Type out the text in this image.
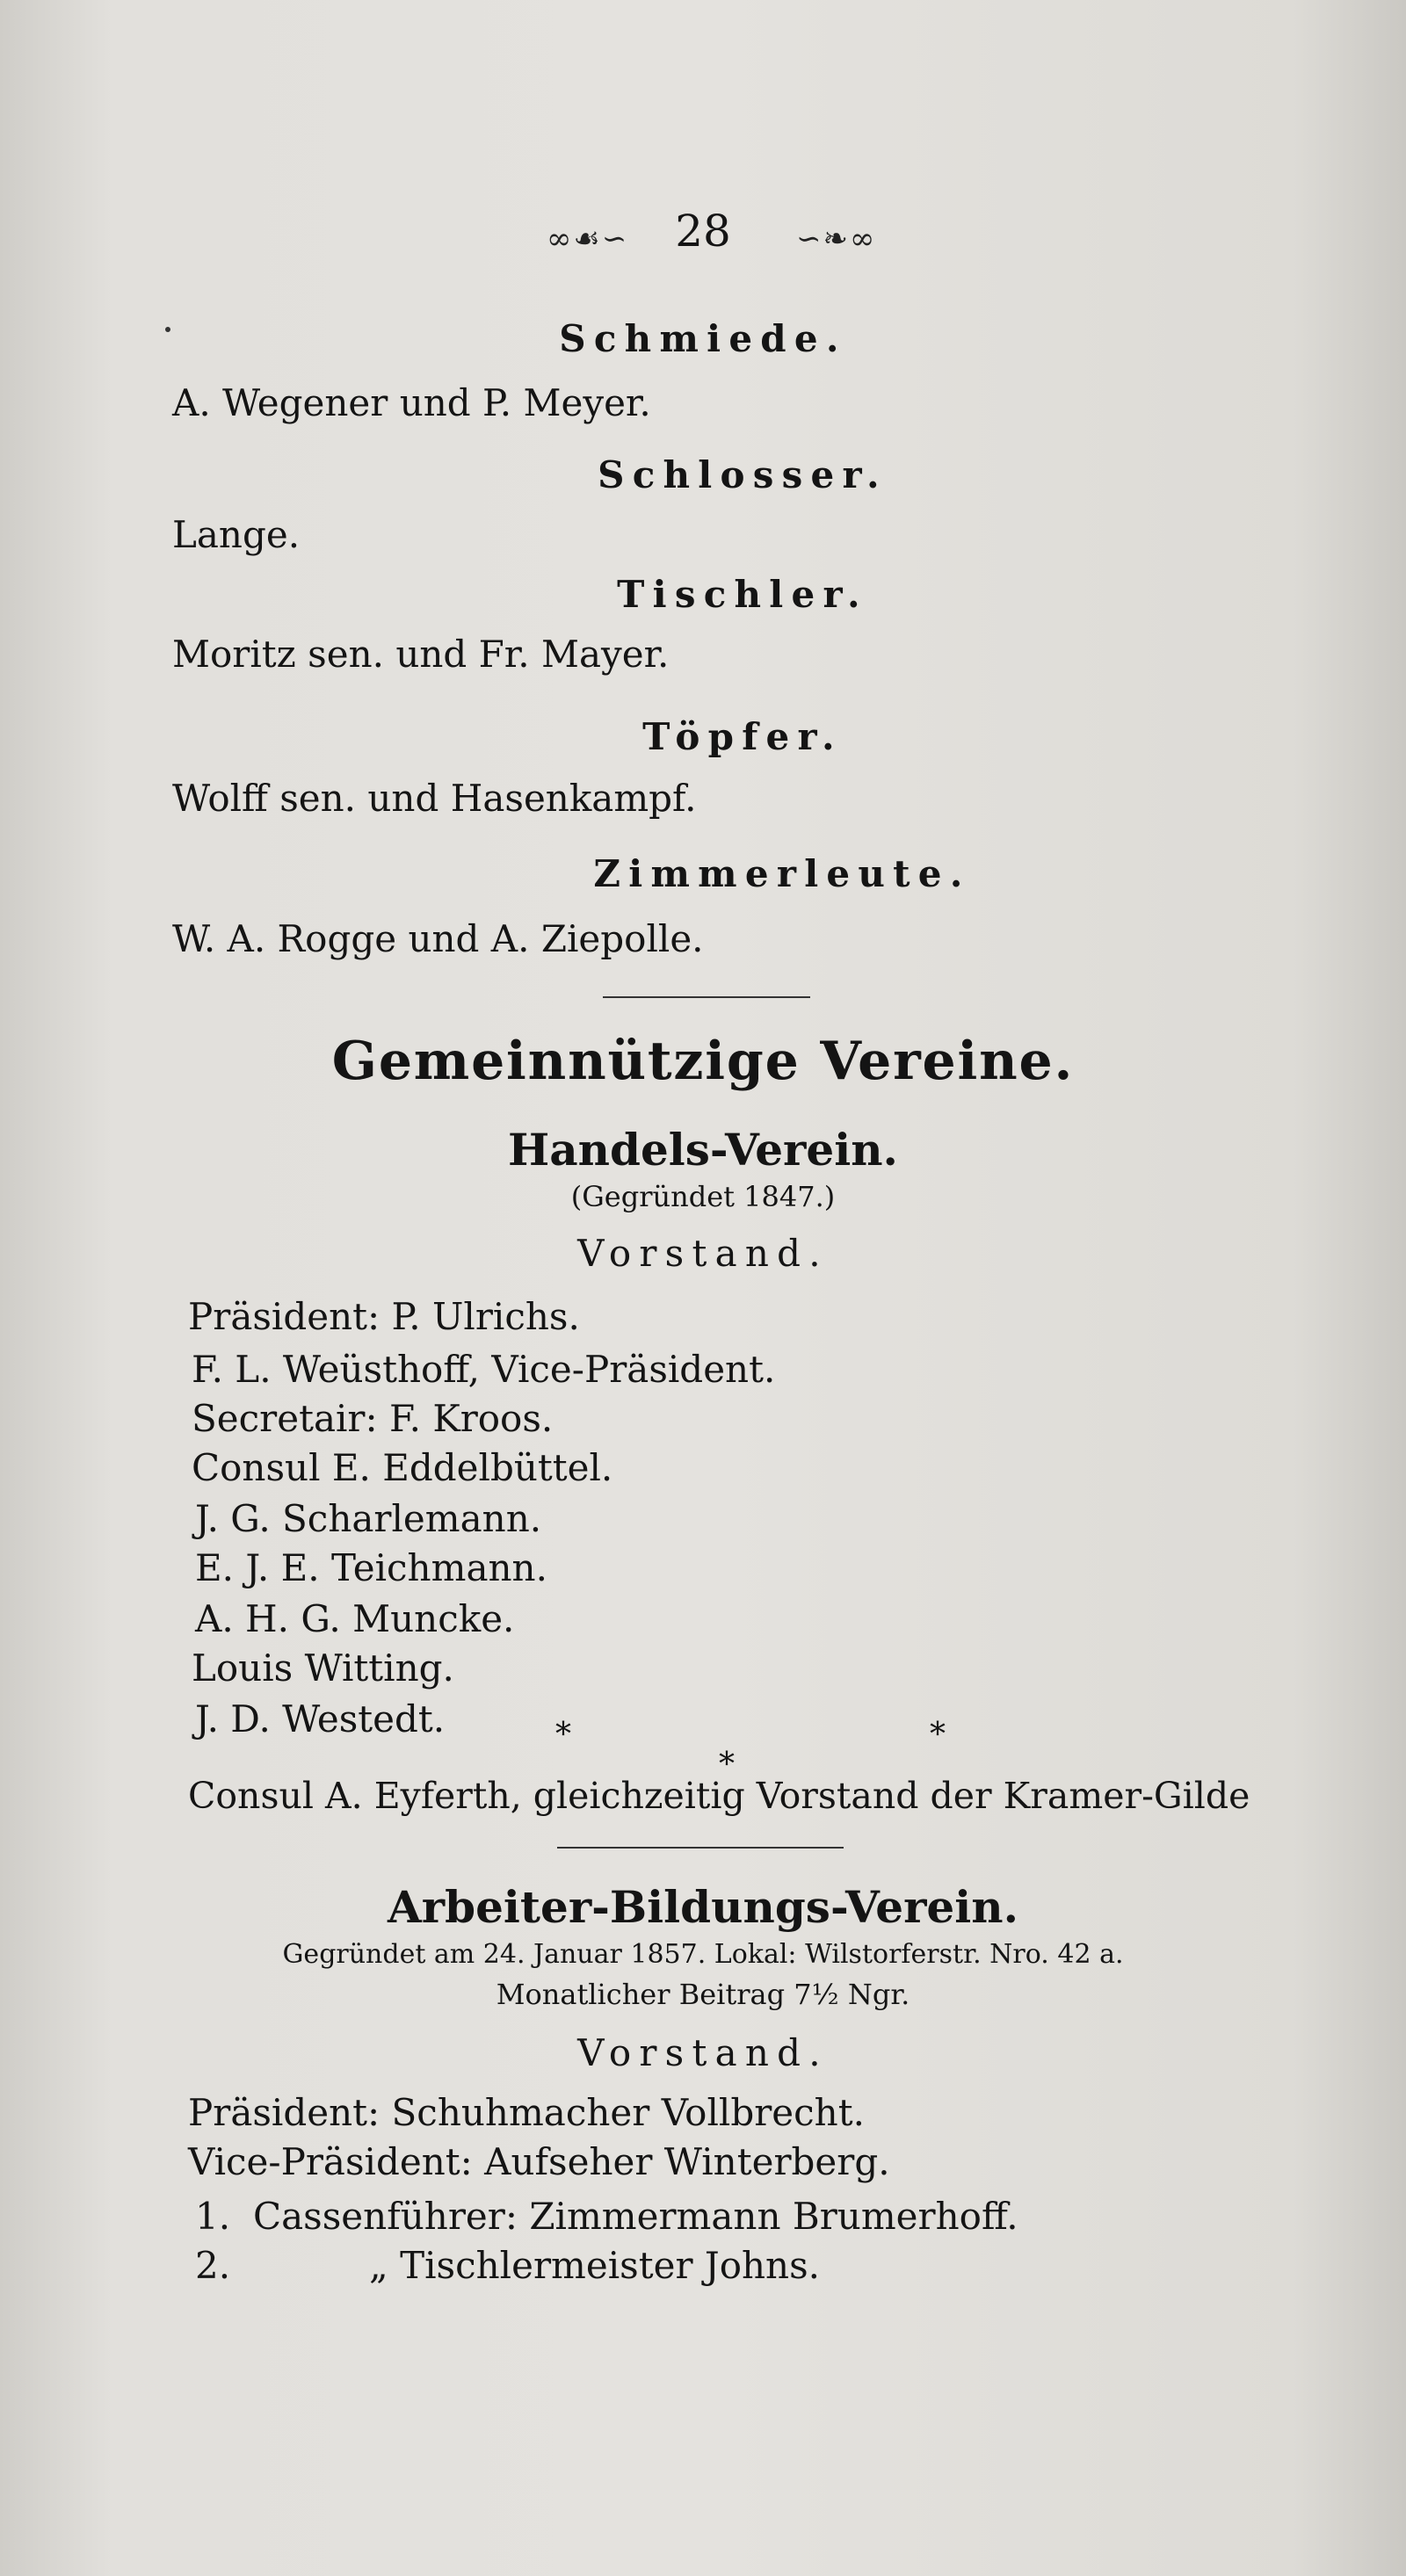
∞☙∽	28	∽❧∞
Schmiede.
A. Wegener und P. Meyer.
Schlosser.
Lange.
Tischler.
Moritz sen. und Fr. Mayer.
Töpfer.
Wolff sen. und Hasenkampf.
Zimmerleute.
W. A. Rogge und A. Ziepolle.
Gemeinnützige Vereine.
Handels-Verein.
(Gegründet 1847.)
Vorstand.
Präsident: P. Ulrichs.
F. L. Weüsthoff, Vice-Präsident.
Secretair: F. Kroos.
Consul E. Eddelbüttel.
J. G. Scharlemann.
E. J. E. Teichmann.
A. H. G. Muncke.
Louis Witting.
J. D. Westedt.	*
*
*
Consul A. Eyferth, gleichzeitig Vorstand der Kramer-Gilde
Arbeiter-Bildungs-Verein.
Gegründet am 24. Januar 1857. Lokal: Wilstorferstr. Nro. 42 a.
Monatlicher Beitrag 7½ Ngr.
Vorstand.
Präsident: Schuhmacher Vollbrecht.
Vice-Präsident: Aufseher Winterberg.
1. Cassenführer: Zimmermann Brumerhoff.
2.	„ Tischlermeister Johns.
